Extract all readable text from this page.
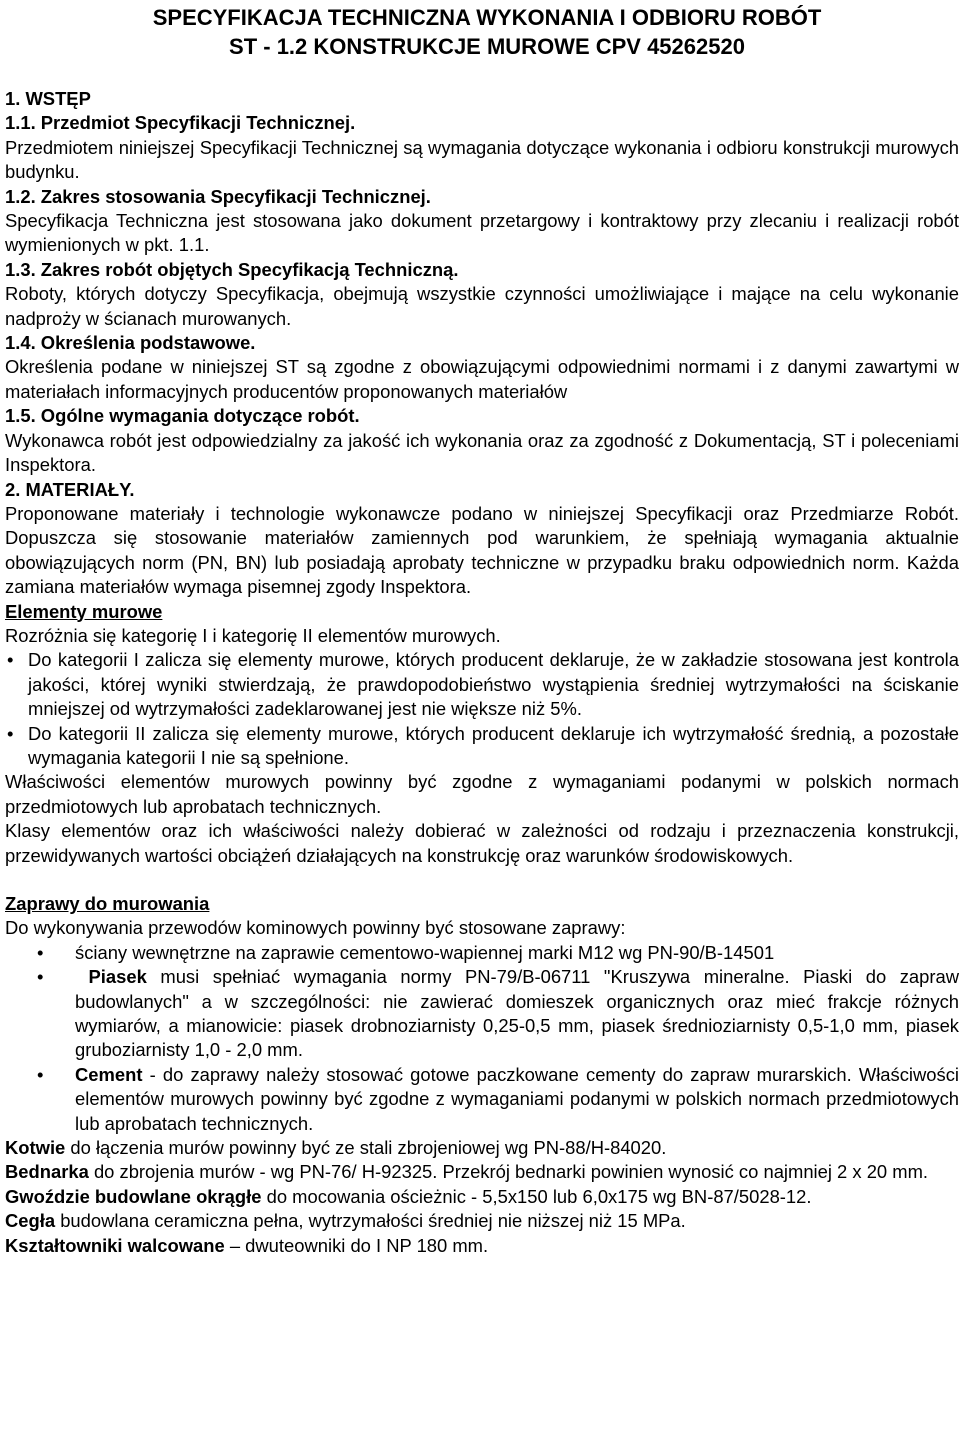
SPECYFIKACJA TECHNICZNA WYKONANIA I ODBIORU ROBÓT
ST - 1.2 KONSTRUKCJE MUROWE CPV 45262520

1. WSTĘP

1.1. Przedmiot Specyfikacji Technicznej.

Przedmiotem niniejszej Specyfikacji Technicznej są wymagania dotyczące wykonania i odbioru konstrukcji murowych budynku.

1.2. Zakres stosowania Specyfikacji Technicznej.

Specyfikacja Techniczna jest stosowana jako dokument przetargowy i kontraktowy przy zlecaniu i realizacji robót wymienionych w pkt. 1.1.

1.3. Zakres robót objętych Specyfikacją Techniczną.

Roboty, których dotyczy Specyfikacja, obejmują wszystkie czynności umożliwiające i mające na celu wykonanie nadproży w ścianach murowanych.

1.4. Określenia podstawowe.

Określenia podane w niniejszej ST są zgodne z obowiązującymi odpowiednimi normami i z danymi zawartymi w materiałach informacyjnych producentów proponowanych materiałów

1.5. Ogólne wymagania dotyczące robót.

Wykonawca robót jest odpowiedzialny za jakość ich wykonania oraz za zgodność z Dokumentacją, ST i poleceniami Inspektora.

2. MATERIAŁY.

Proponowane materiały i technologie wykonawcze podano w niniejszej Specyfikacji oraz Przedmiarze Robót. Dopuszcza się stosowanie materiałów zamiennych pod warunkiem, że spełniają wymagania aktualnie obowiązujących norm (PN, BN) lub posiadają aprobaty techniczne w przypadku braku odpowiednich norm. Każda zamiana materiałów wymaga pisemnej zgody Inspektora.

Elementy murowe

Rozróżnia się kategorię I i kategorię II elementów murowych.

• Do kategorii I zalicza się elementy murowe, których producent deklaruje, że w zakładzie stosowana jest kontrola jakości, której wyniki stwierdzają, że prawdopodobieństwo wystąpienia średniej wytrzymałości na ściskanie mniejszej od wytrzymałości zadeklarowanej jest nie większe niż 5%.

• Do kategorii II zalicza się elementy murowe, których producent deklaruje ich wytrzymałość średnią, a pozostałe wymagania kategorii I nie są spełnione.

Właściwości elementów murowych powinny być zgodne z wymaganiami podanymi w polskich normach przedmiotowych lub aprobatach technicznych.

Klasy elementów oraz ich właściwości należy dobierać w zależności od rodzaju i przeznaczenia konstrukcji, przewidywanych wartości obciążeń działających na konstrukcję oraz warunków środowiskowych.

Zaprawy do murowania

Do wykonywania przewodów kominowych powinny być stosowane zaprawy:

•	ściany wewnętrzne na zaprawie cementowo-wapiennej marki M12 wg PN-90/B-14501

•	Piasek musi spełniać wymagania normy PN-79/B-06711 "Kruszywa mineralne. Piaski do zapraw budowlanych" a w szczególności: nie zawierać domieszek organicznych oraz mieć frakcje różnych wymiarów, a mianowicie: piasek drobnoziarnisty 0,25-0,5 mm, piasek średnioziarnisty 0,5-1,0 mm, piasek gruboziarnisty 1,0 - 2,0 mm.

•	Cement - do zaprawy należy stosować gotowe paczkowane cementy do zapraw murarskich. Właściwości elementów murowych powinny być zgodne z wymaganiami podanymi w polskich normach przedmiotowych lub aprobatach technicznych.

Kotwie do łączenia murów powinny być ze stali zbrojeniowej wg PN-88/H-84020.

Bednarka do zbrojenia murów - wg PN-76/ H-92325. Przekrój bednarki powinien wynosić co najmniej 2 x 20 mm.

Gwoździe budowlane okrągłe do mocowania ościeżnic - 5,5x150 lub 6,0x175 wg BN-87/5028-12.

Cegła budowlana ceramiczna pełna, wytrzymałości średniej nie niższej niż 15 MPa.

Kształtowniki walcowane – dwuteowniki do I NP 180 mm.
